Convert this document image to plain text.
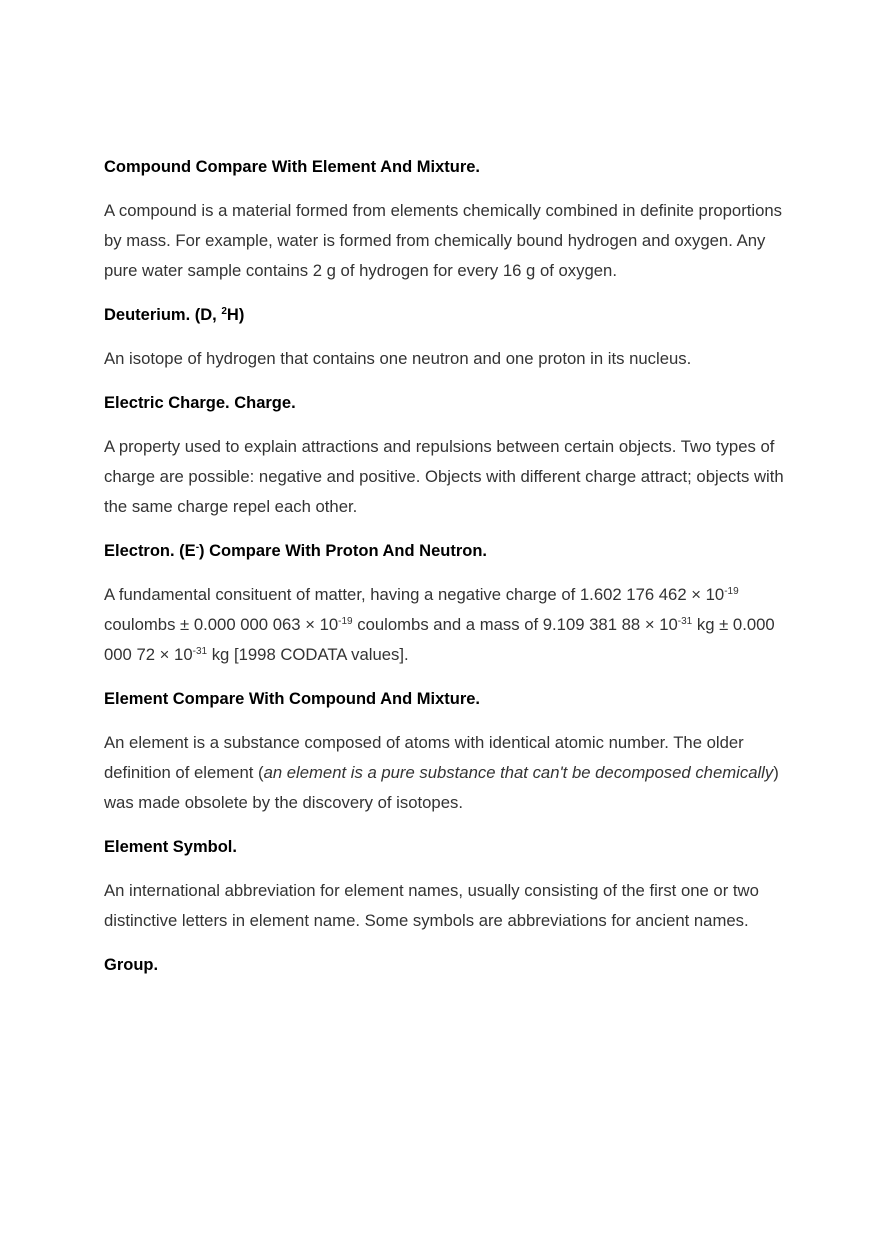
Compound Compare With Element And Mixture.

A compound is a material formed from elements chemically combined in definite proportions by mass. For example, water is formed from chemically bound hydrogen and oxygen. Any pure water sample contains 2 g of hydrogen for every 16 g of oxygen.

Deuterium. (D, $^2$H)

An isotope of hydrogen that contains one neutron and one proton in its nucleus.

Electric Charge. Charge.

A property used to explain attractions and repulsions between certain objects. Two types of charge are possible: negative and positive. Objects with different charge attract; objects with the same charge repel each other.

Electron. (E-) Compare With Proton And Neutron.

A fundamental consituent of matter, having a negative charge of 1.602 176 $462 \times 10^{-19}$ coulombs ± 0.000 000 $063 \times 10^{-19}$ coulombs and a mass of 9.109 381 $88 \times 10^{-31}$ kg ± 0.000 000 $72 \times 10^{-31}$ kg [1998 CODATA values].

Element Compare With Compound And Mixture.

An element is a substance composed of atoms with identical atomic number. The older definition of element (an element is a pure substance that can't be decomposed chemically) was made obsolete by the discovery of isotopes.

Element Symbol.

An international abbreviation for element names, usually consisting of the first one or two distinctive letters in element name. Some symbols are abbreviations for ancient names.

Group.
